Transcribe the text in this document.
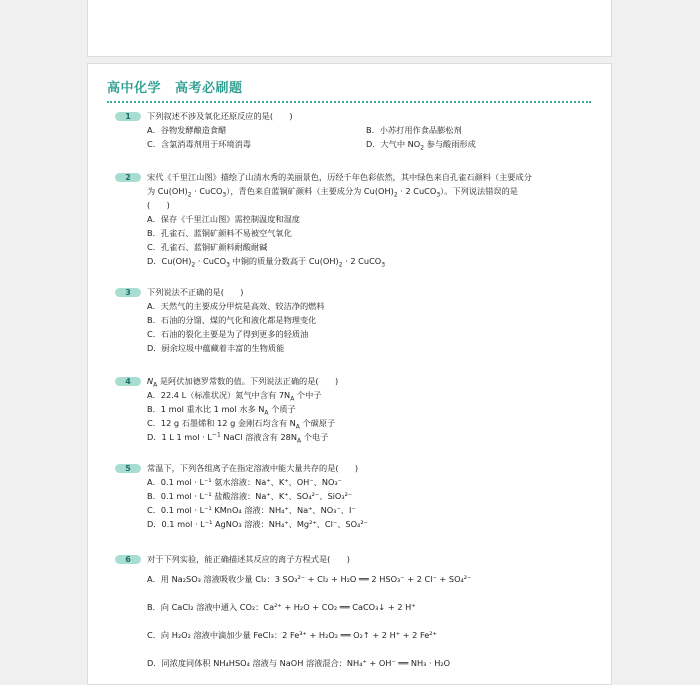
高中化学 高考必刷题
1	下列叙述不涉及氧化还原反应的是(　　)
A．谷物发酵酿造食醋	B．小苏打用作食品膨松剂
C．含氯消毒剂用于环境消毒	D．大气中 $NO_2$ 参与酸雨形成
2	宋代《千里江山图》描绘了山清水秀的美丽景色，历经千年色彩依然，其中绿色来自孔雀石颜料（主要成分
为 $Cu(OH)_2$ · CuCO$_3$），青色来自蓝铜矿颜料（主要成分为 $Cu(OH)_2 \cdot 2$ CuCO$_3$）。下列说法错误的是
(　　)
A．保存《千里江山图》需控制温度和湿度
B．孔雀石、蓝铜矿颜料不易被空气氧化
C．孔雀石、蓝铜矿颜料耐酸耐碱
D．$Cu(OH)_2$ · CuCO$_3$ 中铜的质量分数高于 $Cu(OH)_2 \cdot 2$ CuCO$_3$
3	下列说法不正确的是(　　)
A．天然气的主要成分甲烷是高效、较洁净的燃料
B．石油的分馏、煤的气化和液化都是物理变化
C．石油的裂化主要是为了得到更多的轻质油
D．厨余垃圾中蕴藏着丰富的生物质能
4	$N_A$ 是阿伏加德罗常数的值。下列说法正确的是(　　)
A．22.4 L（标准状况）氮气中含有 $7N_A$ 个中子
B．1 mol 重水比 1 mol 水多 $N_A$ 个质子
C．12 g 石墨烯和 12 g 金刚石均含有 $N_A$ 个碳原子
D．1 L 1 mol · $L^{-1}$ NaCl 溶液含有 $28N_A$ 个电子
5	常温下，下列各组离子在指定溶液中能大量共存的是(　　)
A．0.1 mol · L⁻¹ 氨水溶液：Na⁺、K⁺、OH⁻、NO₃⁻
B．0.1 mol · L⁻¹ 盐酸溶液：Na⁺、K⁺、SO₄²⁻、SiO₃²⁻
C．0.1 mol · L⁻¹ KMnO₄ 溶液：NH₄⁺、Na⁺、NO₃⁻、I⁻
D．0.1 mol · L⁻¹ AgNO₃ 溶液：NH₄⁺、Mg²⁺、Cl⁻、SO₄²⁻
6	对于下列实验，能正确描述其反应的离子方程式是(　　)
A．用 Na₂SO₃ 溶液吸收少量 Cl₂：3 SO₃²⁻ + Cl₂ + H₂O ══ 2 HSO₃⁻ + 2 Cl⁻ + SO₄²⁻
B．向 CaCl₂ 溶液中通入 CO₂：Ca²⁺ + H₂O + CO₂ ══ CaCO₃↓ + 2 H⁺
C．向 H₂O₂ 溶液中滴加少量 FeCl₃：2 Fe³⁺ + H₂O₂ ══ O₂↑ + 2 H⁺ + 2 Fe²⁺
D．同浓度同体积 NH₄HSO₄ 溶液与 NaOH 溶液混合：NH₄⁺ + OH⁻ ══ NH₃ · H₂O
